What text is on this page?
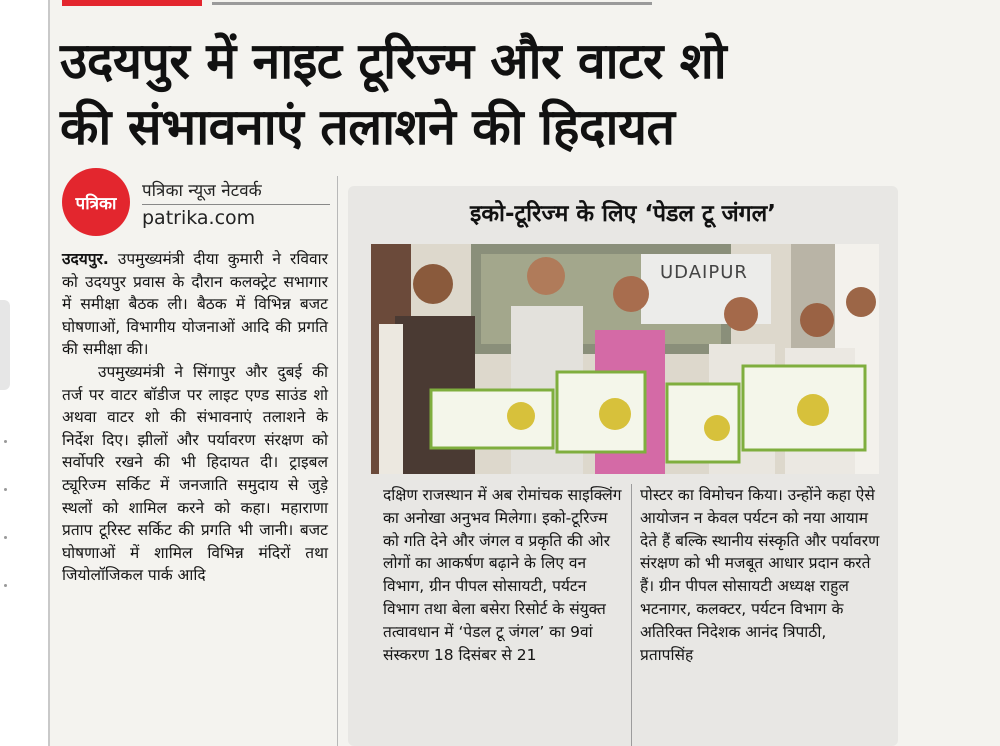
उदयपुर में नाइट टूरिज्म और वाटर शो
की संभावनाएं तलाशने की हिदायत
पत्रिका
पत्रिका न्यूज नेटवर्क
patrika.com

उदयपुर. उपमुख्यमंत्री दीया कुमारी ने रविवार को उदयपुर प्रवास के दौरान कलक्ट्रेट सभागार में समीक्षा बैठक ली। बैठक में विभिन्न बजट घोषणाओं, विभागीय योजनाओं आदि की प्रगति की समीक्षा की।

उपमुख्यमंत्री ने सिंगापुर और दुबई की तर्ज पर वाटर बॉडीज पर लाइट एण्ड साउंड शो अथवा वाटर शो की संभावनाएं तलाशने के निर्देश दिए। झीलों और पर्यावरण संरक्षण को सर्वोपरि रखने की भी हिदायत दी। ट्राइबल ट्यूरिज्म सर्किट में जनजाति समुदाय से जुड़े स्थलों को शामिल करने को कहा। महाराणा प्रताप टूरिस्ट सर्किट की प्रगति भी जानी। बजट घोषणाओं में शामिल विभिन्न मंदिरों तथा जियोलॉजिकल पार्क आदि

इको-टूरिज्म के लिए ‘पेडल टू जंगल’
UDAIPUR

दक्षिण राजस्थान में अब रोमांचक साइक्लिंग का अनोखा अनुभव मिलेगा। इको-टूरिज्म को गति देने और जंगल व प्रकृति की ओर लोगों का आकर्षण बढ़ाने के लिए वन विभाग, ग्रीन पीपल सोसायटी, पर्यटन विभाग तथा बेला बसेरा रिसोर्ट के संयुक्त तत्वावधान में ‘पेडल टू जंगल’ का 9वां संस्करण 18 दिसंबर से 21

पोस्टर का विमोचन किया। उन्होंने कहा ऐसे आयोजन न केवल पर्यटन को नया आयाम देते हैं बल्कि स्थानीय संस्कृति और पर्यावरण संरक्षण को भी मजबूत आधार प्रदान करते हैं। ग्रीन पीपल सोसायटी अध्यक्ष राहुल भटनागर, कलक्टर, पर्यटन विभाग के अतिरिक्त निदेशक आनंद त्रिपाठी, प्रतापसिंह
